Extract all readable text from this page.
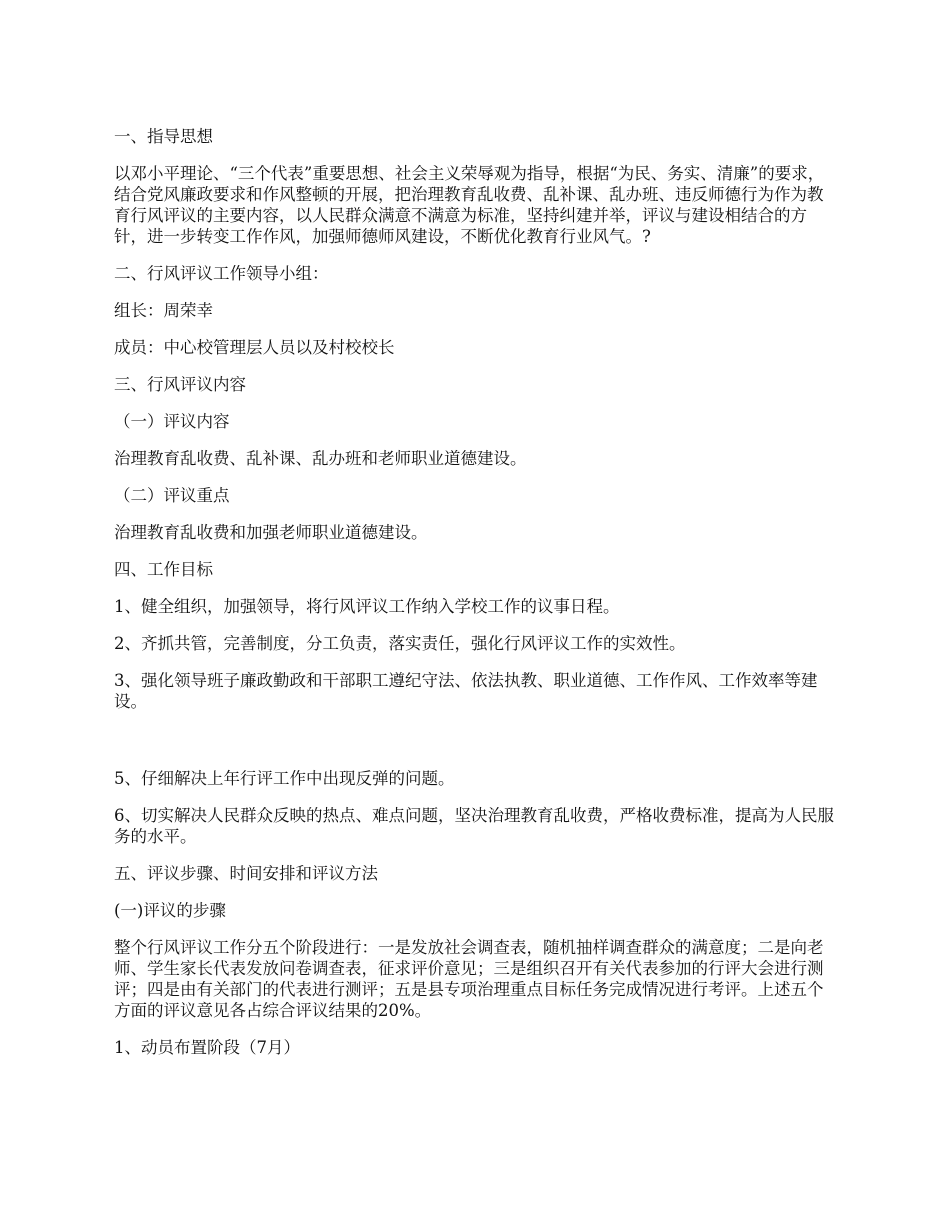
一、指导思想

以邓小平理论、“三个代表”重要思想、社会主义荣辱观为指导，根据“为民、务实、清廉”的要求，结合党风廉政要求和作风整顿的开展，把治理教育乱收费、乱补课、乱办班、违反师德行为作为教育行风评议的主要内容，以人民群众满意不满意为标准，坚持纠建并举，评议与建设相结合的方针，进一步转变工作作风，加强师德师风建设，不断优化教育行业风气。?

二、行风评议工作领导小组：

组长：周荣幸

成员：中心校管理层人员以及村校校长

三、行风评议内容

（一）评议内容

治理教育乱收费、乱补课、乱办班和老师职业道德建设。

（二）评议重点

治理教育乱收费和加强老师职业道德建设。

四、工作目标

1、健全组织，加强领导，将行风评议工作纳入学校工作的议事日程。

2、齐抓共管，完善制度，分工负责，落实责任，强化行风评议工作的实效性。

3、强化领导班子廉政勤政和干部职工遵纪守法、依法执教、职业道德、工作作风、工作效率等建设。

5、仔细解决上年行评工作中出现反弹的问题。

6、切实解决人民群众反映的热点、难点问题，坚决治理教育乱收费，严格收费标准，提高为人民服务的水平。

五、评议步骤、时间安排和评议方法

(一)评议的步骤

整个行风评议工作分五个阶段进行：一是发放社会调查表，随机抽样调查群众的满意度；二是向老师、学生家长代表发放问卷调查表，征求评价意见；三是组织召开有关代表参加的行评大会进行测评；四是由有关部门的代表进行测评；五是县专项治理重点目标任务完成情况进行考评。上述五个方面的评议意见各占综合评议结果的20%。

1、动员布置阶段（7月）
